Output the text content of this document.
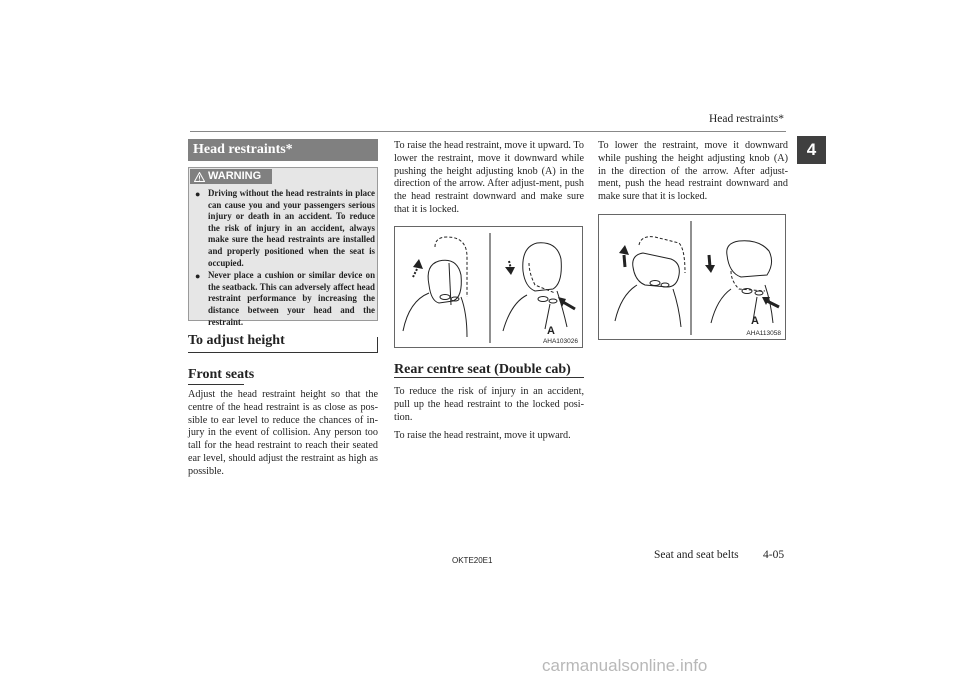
Head restraints*
4
Head restraints*
WARNING
● Driving without the head restraints in place can cause you and your passengers serious injury or death in an accident. To reduce the risk of injury in an accident, always make sure the head restraints are installed and properly positioned when the seat is occupied.
● Never place a cushion or similar device on the seatback. This can adversely affect head restraint performance by increasing the distance between your head and the restraint.
To adjust height
Front seats
Adjust the head restraint height so that the centre of the head restraint is as close as pos-sible to ear level to reduce the chances of in-jury in the event of collision. Any person too tall for the head restraint to reach their seated ear level, should adjust the restraint as high as possible.
To raise the head restraint, move it upward. To lower the restraint, move it downward while pushing the height adjusting knob (A) in the direction of the arrow. After adjust-ment, push the head restraint downward and make sure that it is locked.
A
AHA103026
Rear centre seat (Double cab)
To reduce the risk of injury in an accident, pull up the head restraint to the locked posi-tion.
To raise the head restraint, move it upward.
To lower the restraint, move it downward while pushing the height adjusting knob (A) in the direction of the arrow. After adjust-ment, push the head restraint downward and make sure that it is locked.
A
AHA113058
OKTE20E1	Seat and seat belts 4-05
carmanualsonline.info
